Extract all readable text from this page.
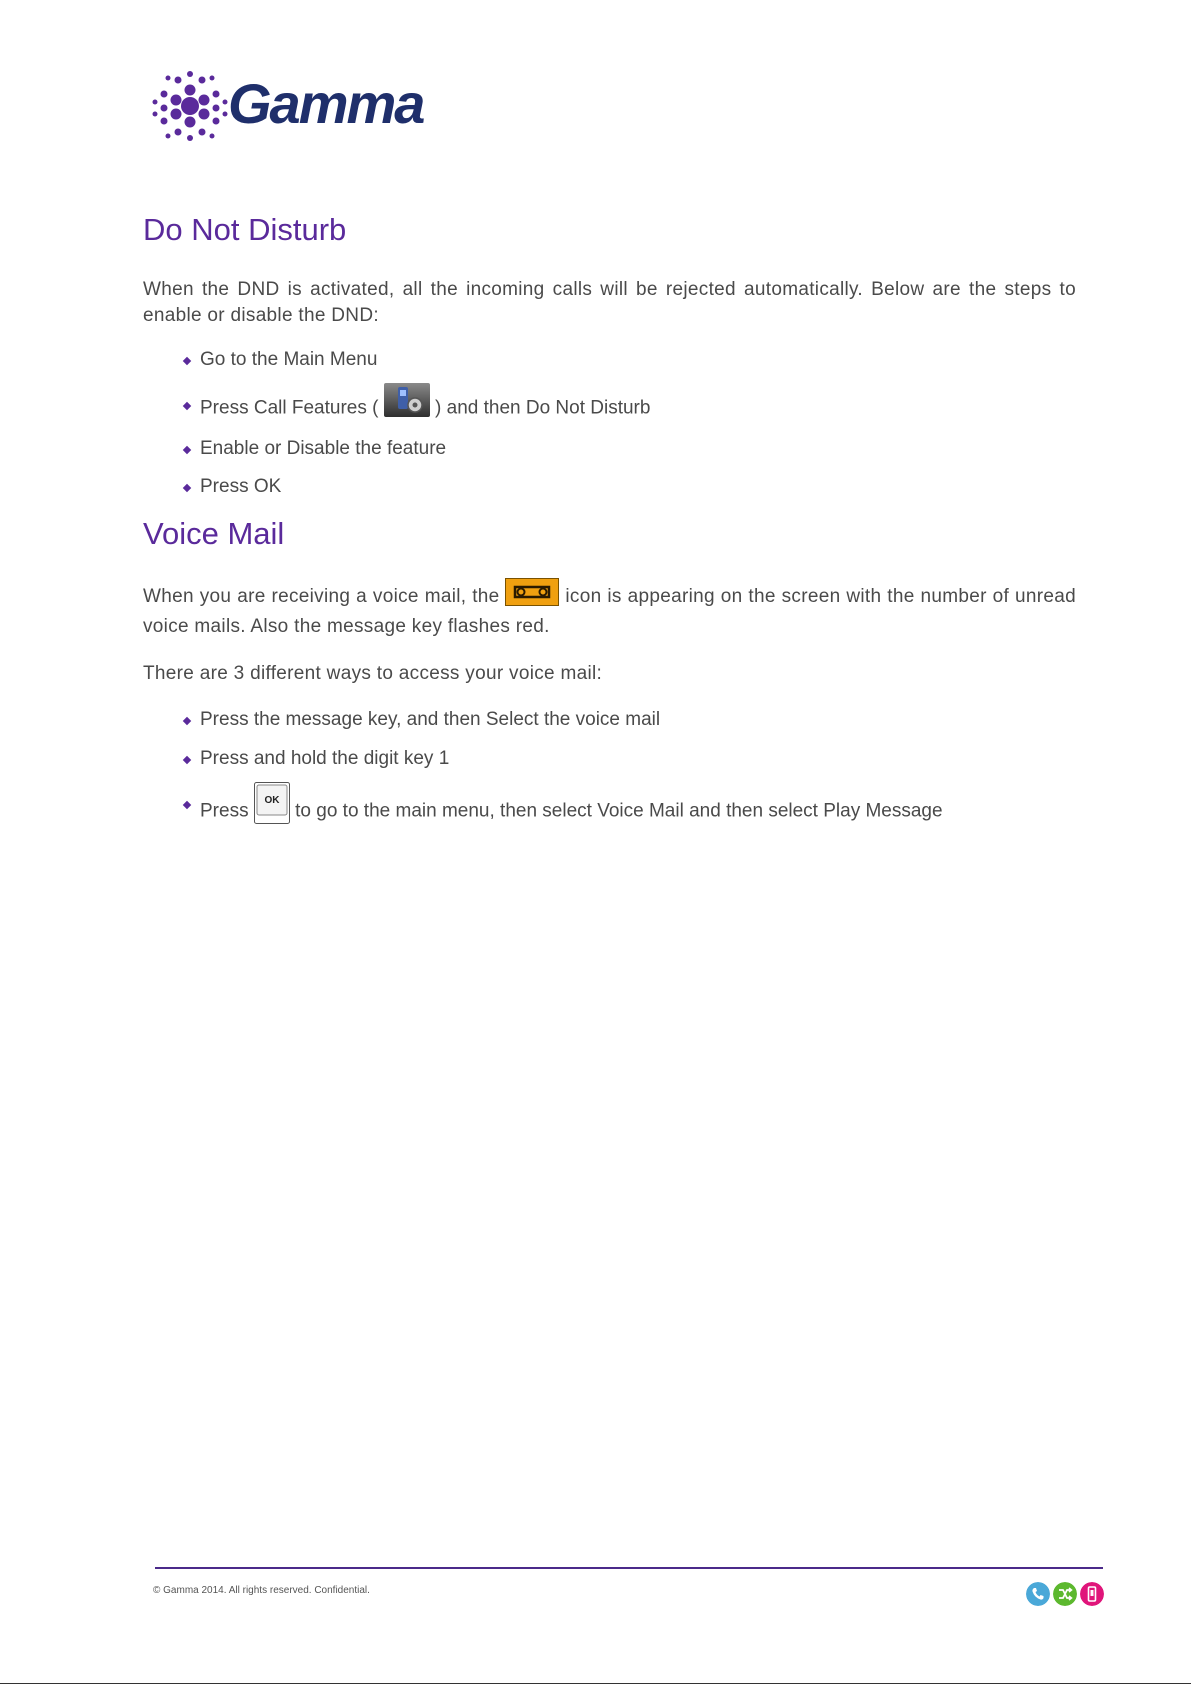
Gamma
Do Not Disturb

When the DND is activated, all the incoming calls will be rejected automatically. Below are the steps to enable or disable the DND:

Go to the Main Menu
Press Call Features (	) and then Do Not Disturb
Enable or Disable the feature
Press OK
Voice Mail

When you are receiving a voice mail, the	icon is appearing on the screen with the number of unread voice mails. Also the message key flashes red.

There are 3 different ways to access your voice mail:

Press the message key, and then Select the voice mail
Press and hold the digit key 1
Press
OK
to go to the main menu, then select Voice Mail and then select Play Message
© Gamma 2014. All rights reserved. Confidential.
